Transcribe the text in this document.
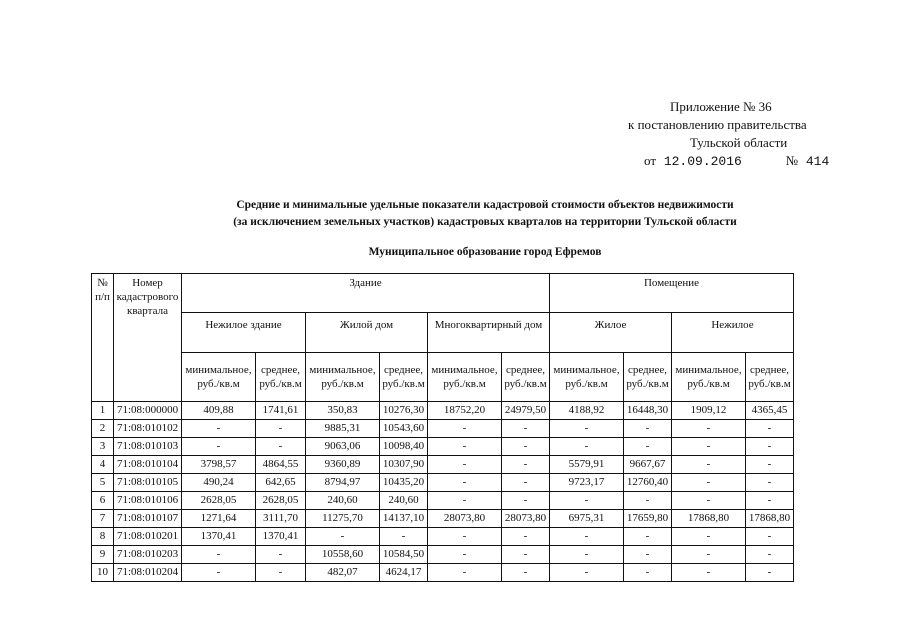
Приложение № 36
к постановлению правительства
Тульской области
от 12.09.2016	№ 414
Средние и минимальные удельные показатели кадастровой стоимости объектов недвижимости
(за исключением земельных участков) кадастровых кварталов на территории Тульской области
Муниципальное образование город Ефремов
№ п/п	Номер кадастрового квартала	Здание						Помещение			
		Нежилое здание		Жилой дом		Многоквартирный дом		Жилое		Нежилое	
		минимальное, руб./кв.м	среднее, руб./кв.м	минимальное, руб./кв.м	среднее, руб./кв.м	минимальное, руб./кв.м	среднее, руб./кв.м	минимальное, руб./кв.м	среднее, руб./кв.м	минимальное, руб./кв.м	среднее, руб./кв.м
1	71:08:000000	409,88	1741,61	350,83	10276,30	18752,20	24979,50	4188,92	16448,30	1909,12	4365,45
2	71:08:010102	-	-	9885,31	10543,60	-	-	-	-	-	-
3	71:08:010103	-	-	9063,06	10098,40	-	-	-	-	-	-
4	71:08:010104	3798,57	4864,55	9360,89	10307,90	-	-	5579,91	9667,67	-	-
5	71:08:010105	490,24	642,65	8794,97	10435,20	-	-	9723,17	12760,40	-	-
6	71:08:010106	2628,05	2628,05	240,60	240,60	-	-	-	-	-	-
7	71:08:010107	1271,64	3111,70	11275,70	14137,10	28073,80	28073,80	6975,31	17659,80	17868,80	17868,80
8	71:08:010201	1370,41	1370,41	-	-	-	-	-	-	-	-
9	71:08:010203	-	-	10558,60	10584,50	-	-	-	-	-	-
10	71:08:010204	-	-	482,07	4624,17	-	-	-	-	-	-
